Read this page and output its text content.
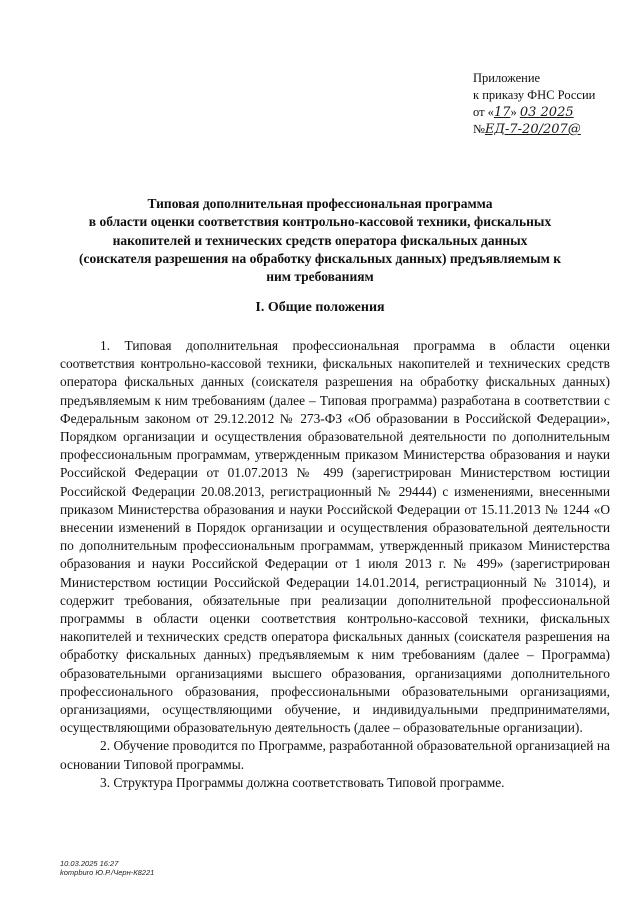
Приложение
к приказу ФНС России
от «17» 03 2025
№ЕД-7-20/207@
Типовая дополнительная профессиональная программа
в области оценки соответствия контрольно-кассовой техники, фискальных
накопителей и технических средств оператора фискальных данных
(соискателя разрешения на обработку фискальных данных) предъявляемым к
ним требованиям
I. Общие положения

1. Типовая дополнительная профессиональная программа в области оценки соответствия контрольно-кассовой техники, фискальных накопителей и технических средств оператора фискальных данных (соискателя разрешения на обработку фискальных данных) предъявляемым к ним требованиям (далее – Типовая программа) разработана в соответствии с Федеральным законом от 29.12.2012 № 273-ФЗ «Об образовании в Российской Федерации», Порядком организации и осуществления образовательной деятельности по дополнительным профессиональным программам, утвержденным приказом Министерства образования и науки Российской Федерации от 01.07.2013 № 499 (зарегистрирован Министерством юстиции Российской Федерации 20.08.2013, регистрационный № 29444) с изменениями, внесенными приказом Министерства образования и науки Российской Федерации от 15.11.2013 № 1244 «О внесении изменений в Порядок организации и осуществления образовательной деятельности по дополнительным профессиональным программам, утвержденный приказом Министерства образования и науки Российской Федерации от 1 июля 2013 г. № 499» (зарегистрирован Министерством юстиции Российской Федерации 14.01.2014, регистрационный № 31014), и содержит требования, обязательные при реализации дополнительной профессиональной программы в области оценки соответствия контрольно-кассовой техники, фискальных накопителей и технических средств оператора фискальных данных (соискателя разрешения на обработку фискальных данных) предъявляемым к ним требованиям (далее – Программа) образовательными организациями высшего образования, организациями дополнительного профессионального образования, профессиональными образовательными организациями, организациями, осуществляющими обучение, и индивидуальными предпринимателями, осуществляющими образовательную деятельность (далее – образовательные организации).

2. Обучение проводится по Программе, разработанной образовательной организацией на основании Типовой программы.

3. Структура Программы должна соответствовать Типовой программе.

10.03.2025 16:27
kompburo Ю.Р./Черн-К8221
